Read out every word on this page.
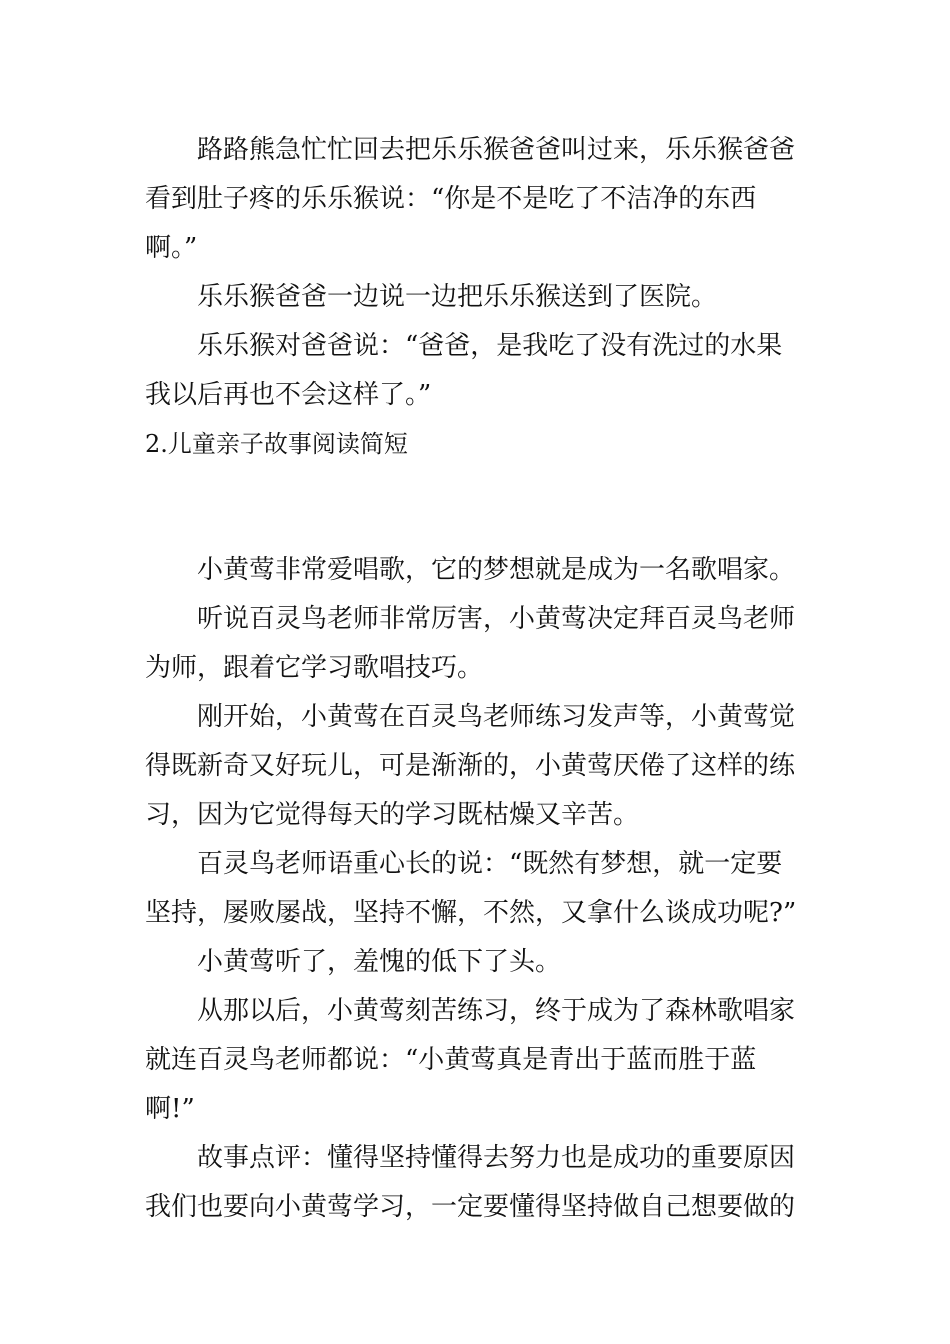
路路熊急忙忙回去把乐乐猴爸爸叫过来，乐乐猴爸爸
看到肚子疼的乐乐猴说：“你是不是吃了不洁净的东西
啊。”

乐乐猴爸爸一边说一边把乐乐猴送到了医院。

乐乐猴对爸爸说：“爸爸，是我吃了没有洗过的水果
我以后再也不会这样了。”

2.儿童亲子故事阅读简短

小黄莺非常爱唱歌，它的梦想就是成为一名歌唱家。

听说百灵鸟老师非常厉害，小黄莺决定拜百灵鸟老师
为师，跟着它学习歌唱技巧。

刚开始，小黄莺在百灵鸟老师练习发声等，小黄莺觉
得既新奇又好玩儿，可是渐渐的，小黄莺厌倦了这样的练
习，因为它觉得每天的学习既枯燥又辛苦。

百灵鸟老师语重心长的说：“既然有梦想，就一定要
坚持，屡败屡战，坚持不懈，不然，又拿什么谈成功呢?”

小黄莺听了，羞愧的低下了头。

从那以后，小黄莺刻苦练习，终于成为了森林歌唱家
就连百灵鸟老师都说：“小黄莺真是青出于蓝而胜于蓝
啊!”

故事点评：懂得坚持懂得去努力也是成功的重要原因
我们也要向小黄莺学习，一定要懂得坚持做自己想要做的
